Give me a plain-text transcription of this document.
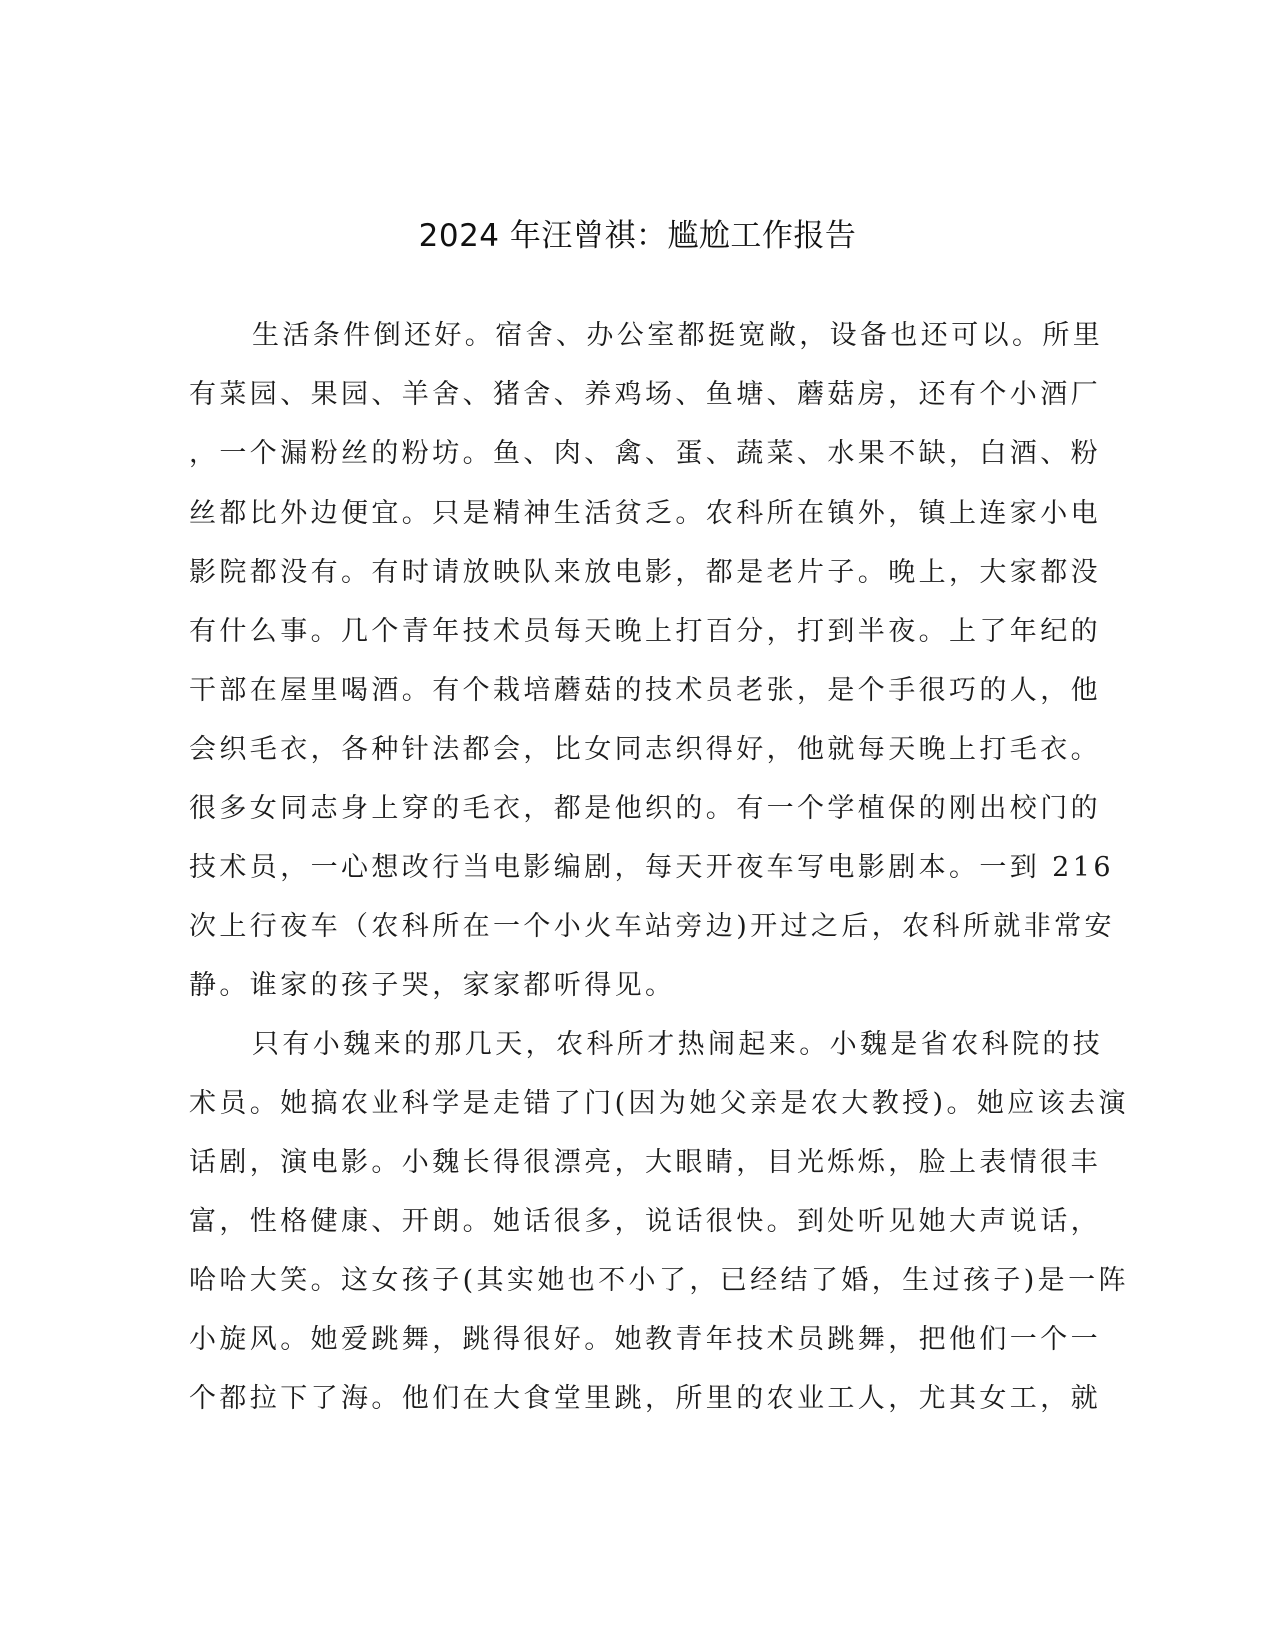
2024 年汪曾祺：尴尬工作报告
生活条件倒还好。宿舍、办公室都挺宽敞，设备也还可以。所里
有菜园、果园、羊舍、猪舍、养鸡场、鱼塘、蘑菇房，还有个小酒厂
，一个漏粉丝的粉坊。鱼、肉、禽、蛋、蔬菜、水果不缺，白酒、粉
丝都比外边便宜。只是精神生活贫乏。农科所在镇外，镇上连家小电
影院都没有。有时请放映队来放电影，都是老片子。晚上，大家都没
有什么事。几个青年技术员每天晚上打百分，打到半夜。上了年纪的
干部在屋里喝酒。有个栽培蘑菇的技术员老张，是个手很巧的人，他
会织毛衣，各种针法都会，比女同志织得好，他就每天晚上打毛衣。
很多女同志身上穿的毛衣，都是他织的。有一个学植保的刚出校门的
技术员，一心想改行当电影编剧，每天开夜车写电影剧本。一到 216
次上行夜车（农科所在一个小火车站旁边)开过之后，农科所就非常安
静。谁家的孩子哭，家家都听得见。
只有小魏来的那几天，农科所才热闹起来。小魏是省农科院的技
术员。她搞农业科学是走错了门(因为她父亲是农大教授)。她应该去演
话剧，演电影。小魏长得很漂亮，大眼睛，目光烁烁，脸上表情很丰
富，性格健康、开朗。她话很多，说话很快。到处听见她大声说话，
哈哈大笑。这女孩子(其实她也不小了，已经结了婚，生过孩子)是一阵
小旋风。她爱跳舞，跳得很好。她教青年技术员跳舞，把他们一个一
个都拉下了海。他们在大食堂里跳，所里的农业工人，尤其女工，就
